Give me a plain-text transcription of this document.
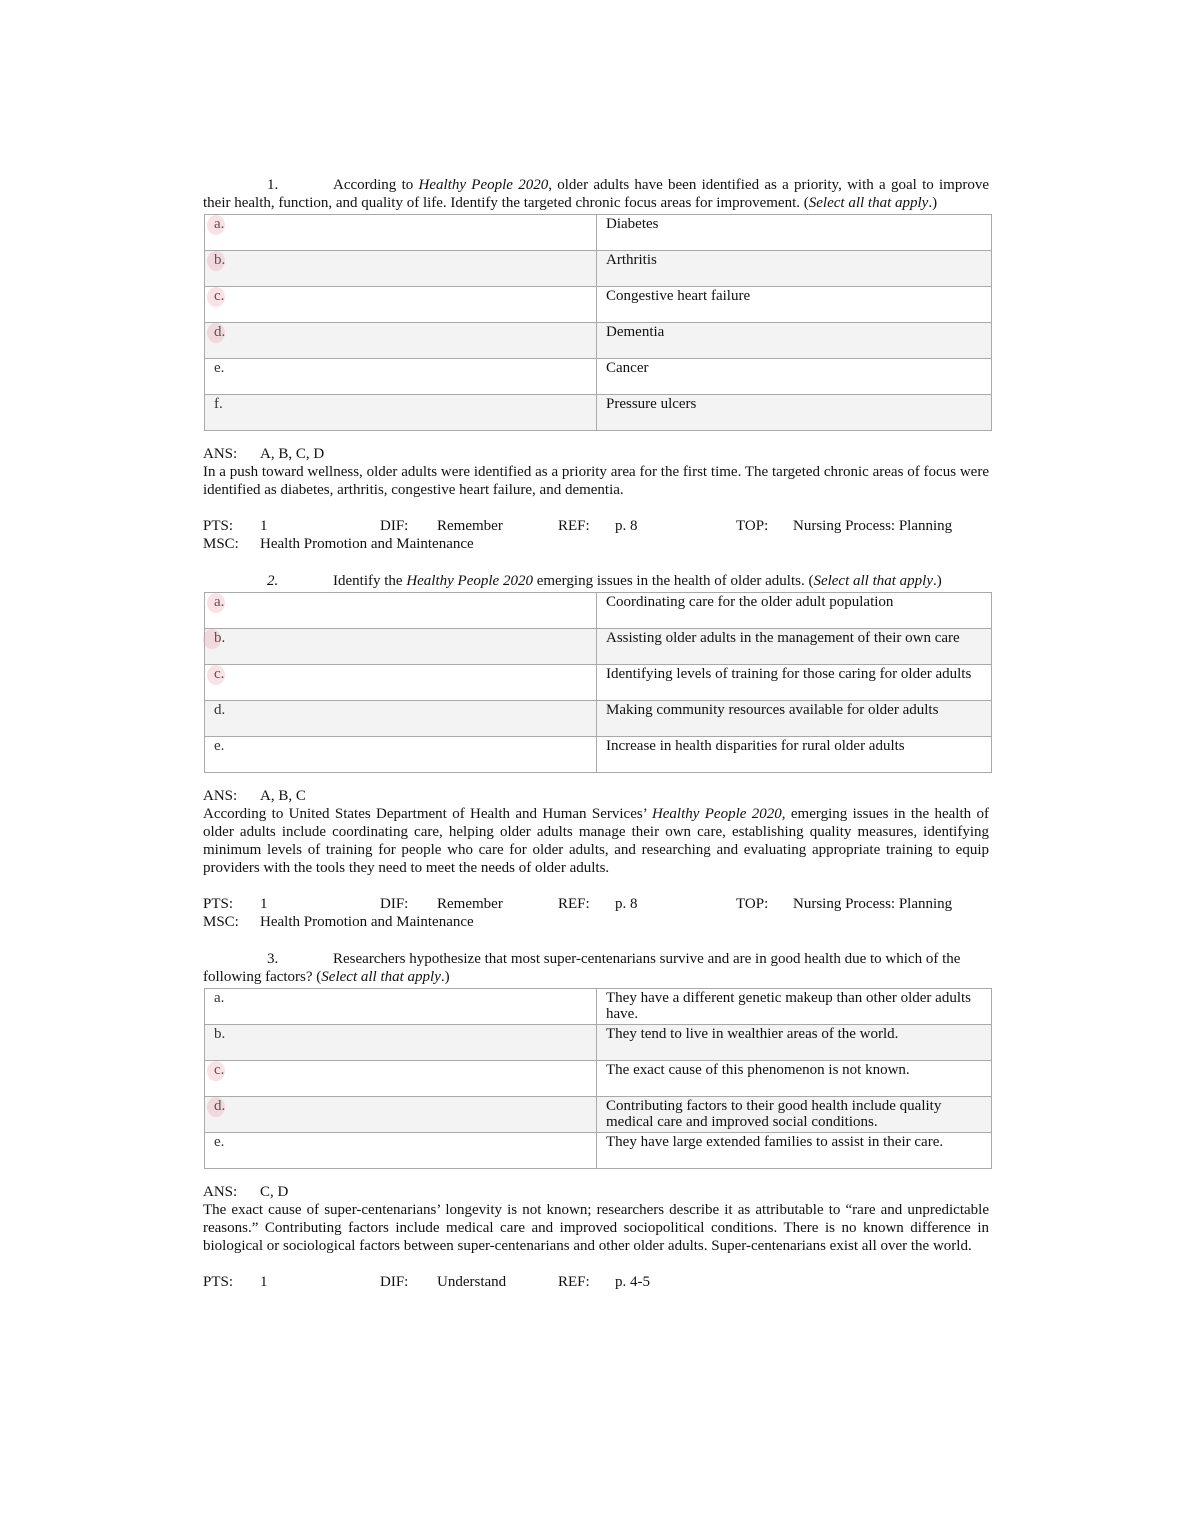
1.	According to Healthy People 2020, older adults have been identified as a priority, with a goal to improve their health, function, and quality of life. Identify the targeted chronic focus areas for improvement. (Select all that apply.)
a.	Diabetes

b.	Arthritis

c.	Congestive heart failure

d.	Dementia
e.	Cancer
f.	Pressure ulcers
ANS: A, B, C, D
In a push toward wellness, older adults were identified as a priority area for the first time. The targeted chronic areas of focus were identified as diabetes, arthritis, congestive heart failure, and dementia.
PTS: 1	DIF: Remember	REF: p. 8	TOP: Nursing Process: Planning
MSC: Health Promotion and Maintenance
2.	Identify the Healthy People 2020 emerging issues in the health of older adults. (Select all that apply.)
a.	Coordinating care for the older adult population

b.	Assisting older adults in the management of their own care

c.	Identifying levels of training for those caring for older adults
d.	Making community resources available for older adults
e.	Increase in health disparities for rural older adults
ANS: A, B, C
According to United States Department of Health and Human Services’ Healthy People 2020, emerging issues in the health of older adults include coordinating care, helping older adults manage their own care, establishing quality measures, identifying minimum levels of training for people who care for older adults, and researching and evaluating appropriate training to equip providers with the tools they need to meet the needs of older adults.
PTS: 1	DIF: Remember	REF: p. 8	TOP: Nursing Process: Planning
MSC: Health Promotion and Maintenance
3.	Researchers hypothesize that most super-centenarians survive and are in good health due to which of the following factors? (Select all that apply.)
a.	They have a different genetic makeup than other older adults have.
b.	They tend to live in wealthier areas of the world.

c.	The exact cause of this phenomenon is not known.

d.	Contributing factors to their good health include quality medical care and improved social conditions.
e.	They have large extended families to assist in their care.
ANS: C, D
The exact cause of super-centenarians’ longevity is not known; researchers describe it as attributable to “rare and unpredictable reasons.” Contributing factors include medical care and improved sociopolitical conditions. There is no known difference in biological or sociological factors between super-centenarians and other older adults. Super-centenarians exist all over the world.
PTS: 1	DIF: Understand	REF: p. 4-5
